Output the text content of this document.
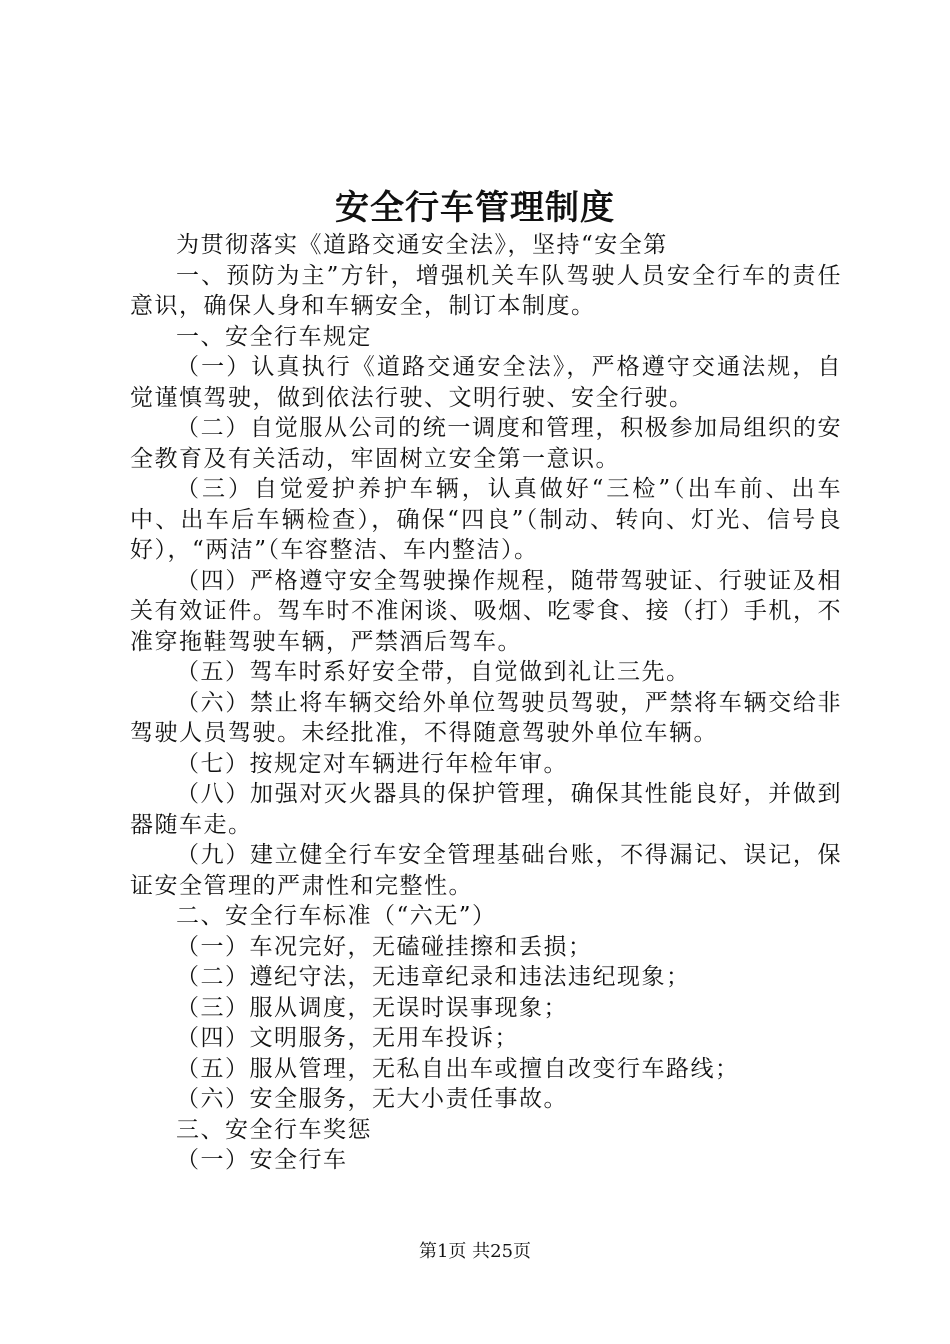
安全行车管理制度

为贯彻落实《道路交通安全法》，坚持“安全第

一、预防为主”方针，增强机关车队驾驶人员安全行车的责任意识，确保人身和车辆安全，制订本制度。

一、安全行车规定

（一）认真执行《道路交通安全法》，严格遵守交通法规，自觉谨慎驾驶，做到依法行驶、文明行驶、安全行驶。

（二）自觉服从公司的统一调度和管理，积极参加局组织的安全教育及有关活动，牢固树立安全第一意识。

（三）自觉爱护养护车辆，认真做好“三检”（出车前、出车中、出车后车辆检查），确保“四良”（制动、转向、灯光、信号良好），“两洁”（车容整洁、车内整洁）。

（四）严格遵守安全驾驶操作规程，随带驾驶证、行驶证及相关有效证件。驾车时不准闲谈、吸烟、吃零食、接（打）手机，不准穿拖鞋驾驶车辆，严禁酒后驾车。

（五）驾车时系好安全带，自觉做到礼让三先。

（六）禁止将车辆交给外单位驾驶员驾驶，严禁将车辆交给非驾驶人员驾驶。未经批准，不得随意驾驶外单位车辆。

（七）按规定对车辆进行年检年审。

（八）加强对灭火器具的保护管理，确保其性能良好，并做到器随车走。

（九）建立健全行车安全管理基础台账，不得漏记、误记，保证安全管理的严肃性和完整性。

二、安全行车标准（“六无”）

（一）车况完好，无磕碰挂擦和丢损；

（二）遵纪守法，无违章纪录和违法违纪现象；

（三）服从调度，无误时误事现象；

（四）文明服务，无用车投诉；

（五）服从管理，无私自出车或擅自改变行车路线；

（六）安全服务，无大小责任事故。

三、安全行车奖惩

（一）安全行车

第1页 共25页
